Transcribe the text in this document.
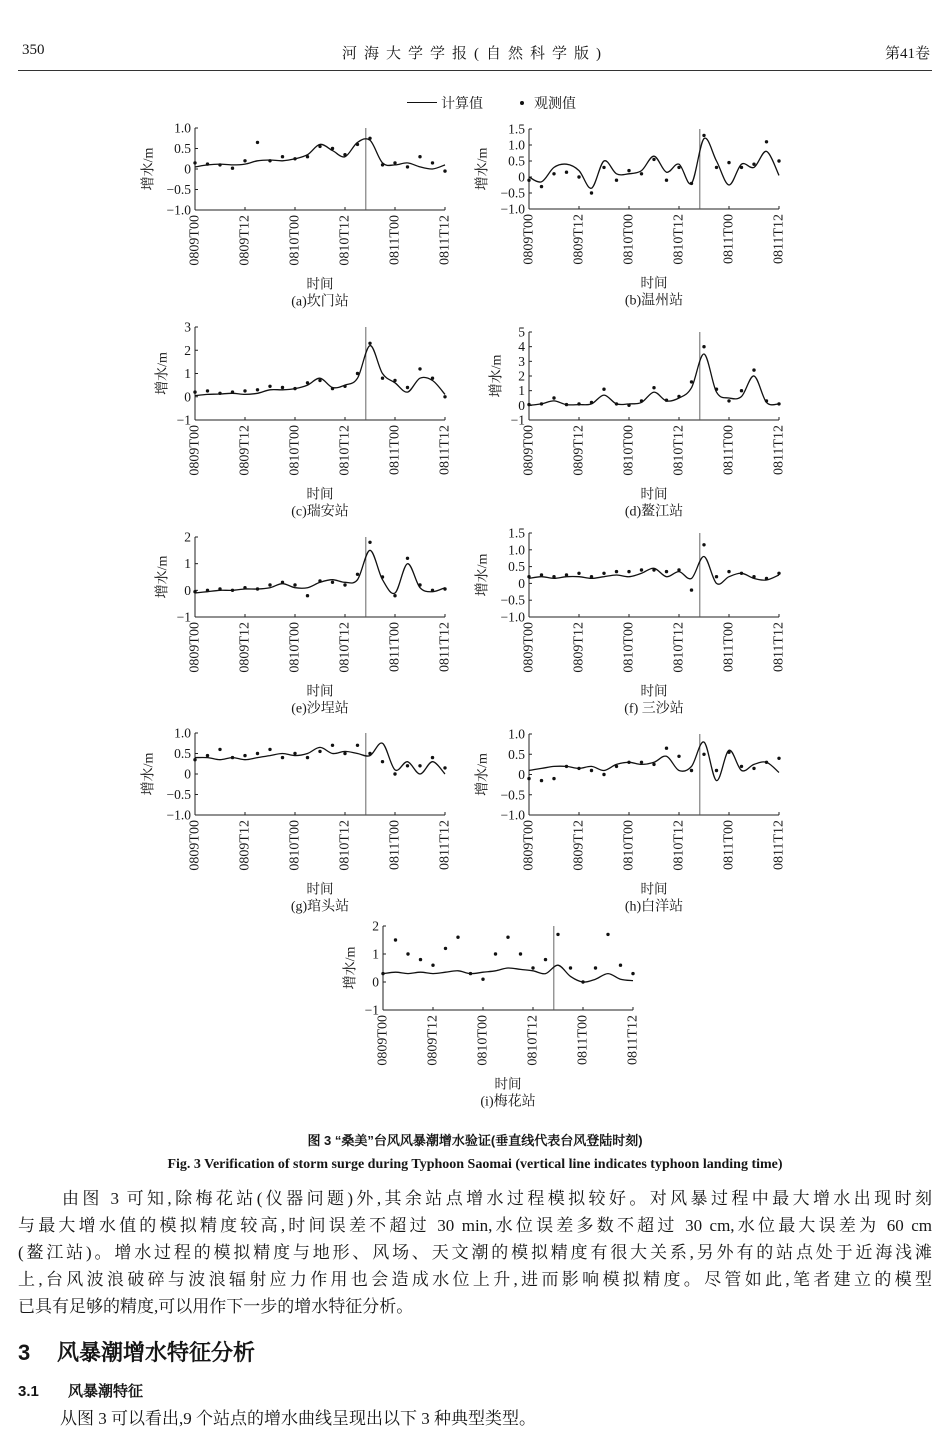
350	河海大学学报(自然科学版)	第41卷
计算值	观测值
1.0
0.5
0
−0.5
−1.0
0809T00	0809T12	0810T00	0810T12	0811T00	0811T12
增水/m
时间
(a)坎门站
1.5
1.0
0.5
0
−0.5
−1.0
0809T00	0809T12	0810T00	0810T12	0811T00	0811T12
增水/m
时间
(b)温州站
3
2
1
0
−1
0809T00	0809T12	0810T00	0810T12	0811T00	0811T12
增水/m
时间
(c)瑞安站
5
4
3
2
1
0
−1
0809T00	0809T12	0810T00	0810T12	0811T00	0811T12
增水/m
时间
(d)鳌江站
2
1
0
−1
0809T00	0809T12	0810T00	0810T12	0811T00	0811T12
增水/m
时间
(e)沙埕站
1.5
1.0
0.5
0
−0.5
−1.0
0809T00	0809T12	0810T00	0810T12	0811T00	0811T12
增水/m
时间
(f) 三沙站
1.0
0.5
0
−0.5
−1.0
0809T00	0809T12	0810T00	0810T12	0811T00	0811T12
增水/m
时间
(g)琯头站
1.0
0.5
0
−0.5
−1.0
0809T00	0809T12	0810T00	0810T12	0811T00	0811T12
增水/m
时间
(h)白洋站
2
1
0
−1
0809T00	0809T12	0810T00	0810T12	0811T00	0811T12
增水/m
时间
(i)梅花站
图 3 “桑美”台风风暴潮增水验证(垂直线代表台风登陆时刻)
Fig. 3 Verification of storm surge during Typhoon Saomai (vertical line indicates typhoon landing time)
由图 3 可知,除梅花站(仪器问题)外,其余站点增水过程模拟较好。对风暴过程中最大增水出现时刻
与最大增水值的模拟精度较高,时间误差不超过 30 min,水位误差多数不超过 30 cm,水位最大误差为 60 cm
(鳌江站)。增水过程的模拟精度与地形、风场、天文潮的模拟精度有很大关系,另外有的站点处于近海浅滩
上,台风波浪破碎与波浪辐射应力作用也会造成水位上升,进而影响模拟精度。尽管如此,笔者建立的模型
已具有足够的精度,可以用作下一步的增水特征分析。
3 风暴潮增水特征分析
3.1 风暴潮特征
从图 3 可以看出,9 个站点的增水曲线呈现出以下 3 种典型类型。
